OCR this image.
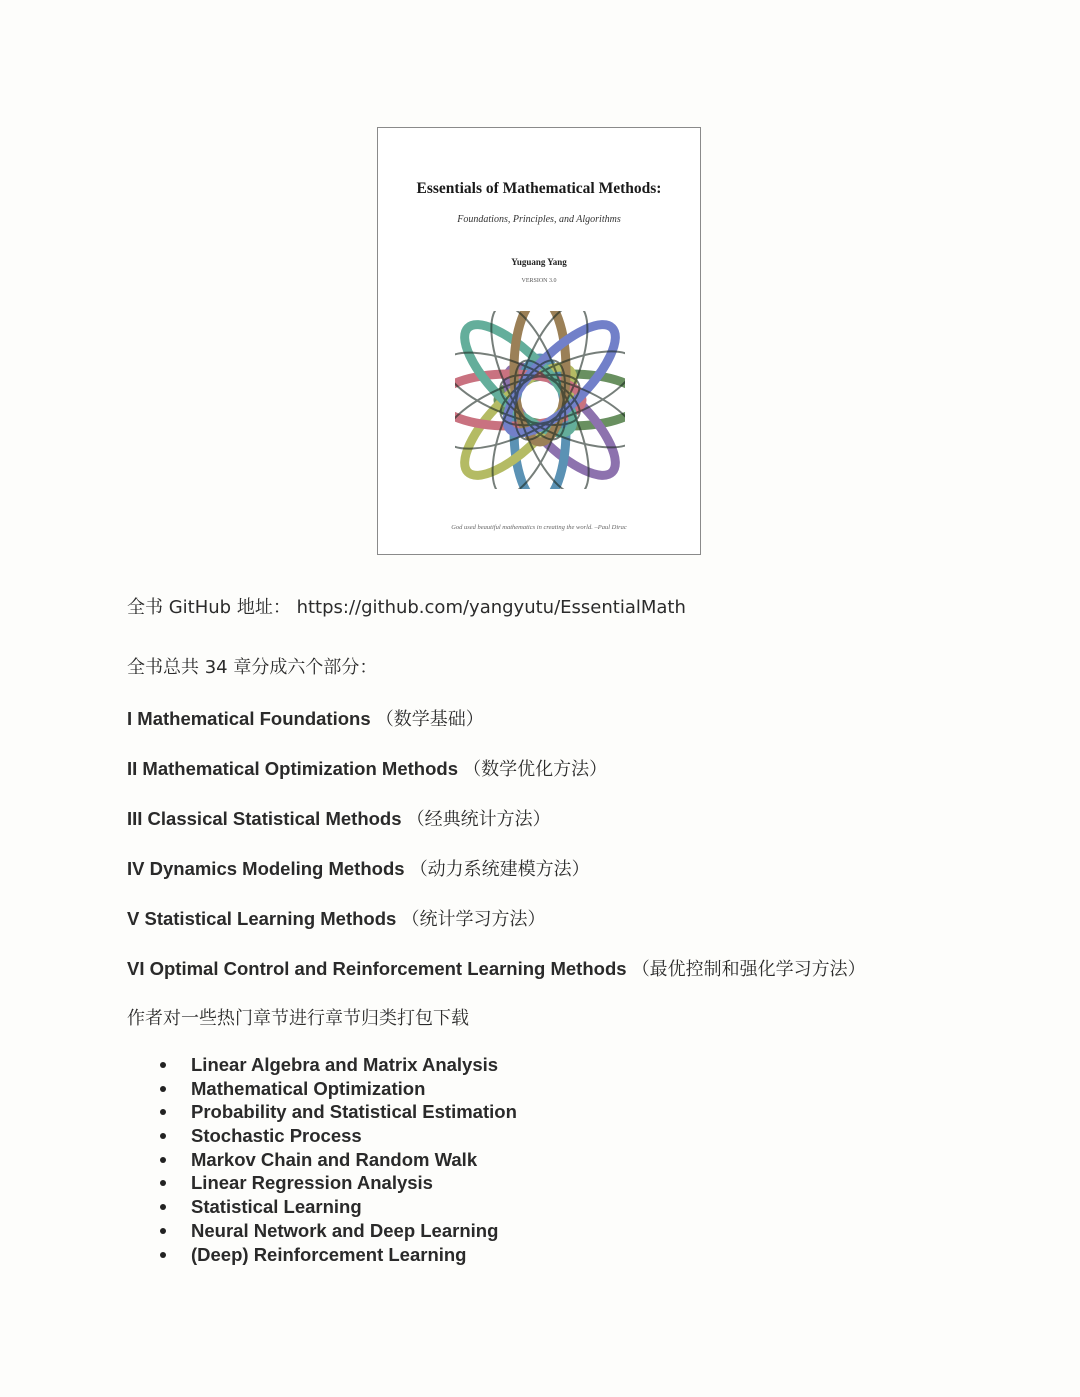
Essentials of Mathematical Methods:
Foundations, Principles, and Algorithms
Yuguang Yang
VERSION 3.0
God used beautiful mathematics in creating the world. –Paul Dirac
全书 GitHub 地址： https://github.com/yangyutu/EssentialMath
全书总共 34 章分成六个部分：
I Mathematical Foundations （数学基础）
II Mathematical Optimization Methods （数学优化方法）
III Classical Statistical Methods （经典统计方法）
IV Dynamics Modeling Methods （动力系统建模方法）
V Statistical Learning Methods （统计学习方法）
VI Optimal Control and Reinforcement Learning Methods （最优控制和强化学习方法）
作者对一些热门章节进行章节归类打包下载
Linear Algebra and Matrix Analysis
Mathematical Optimization
Probability and Statistical Estimation
Stochastic Process
Markov Chain and Random Walk
Linear Regression Analysis
Statistical Learning
Neural Network and Deep Learning
(Deep) Reinforcement Learning
